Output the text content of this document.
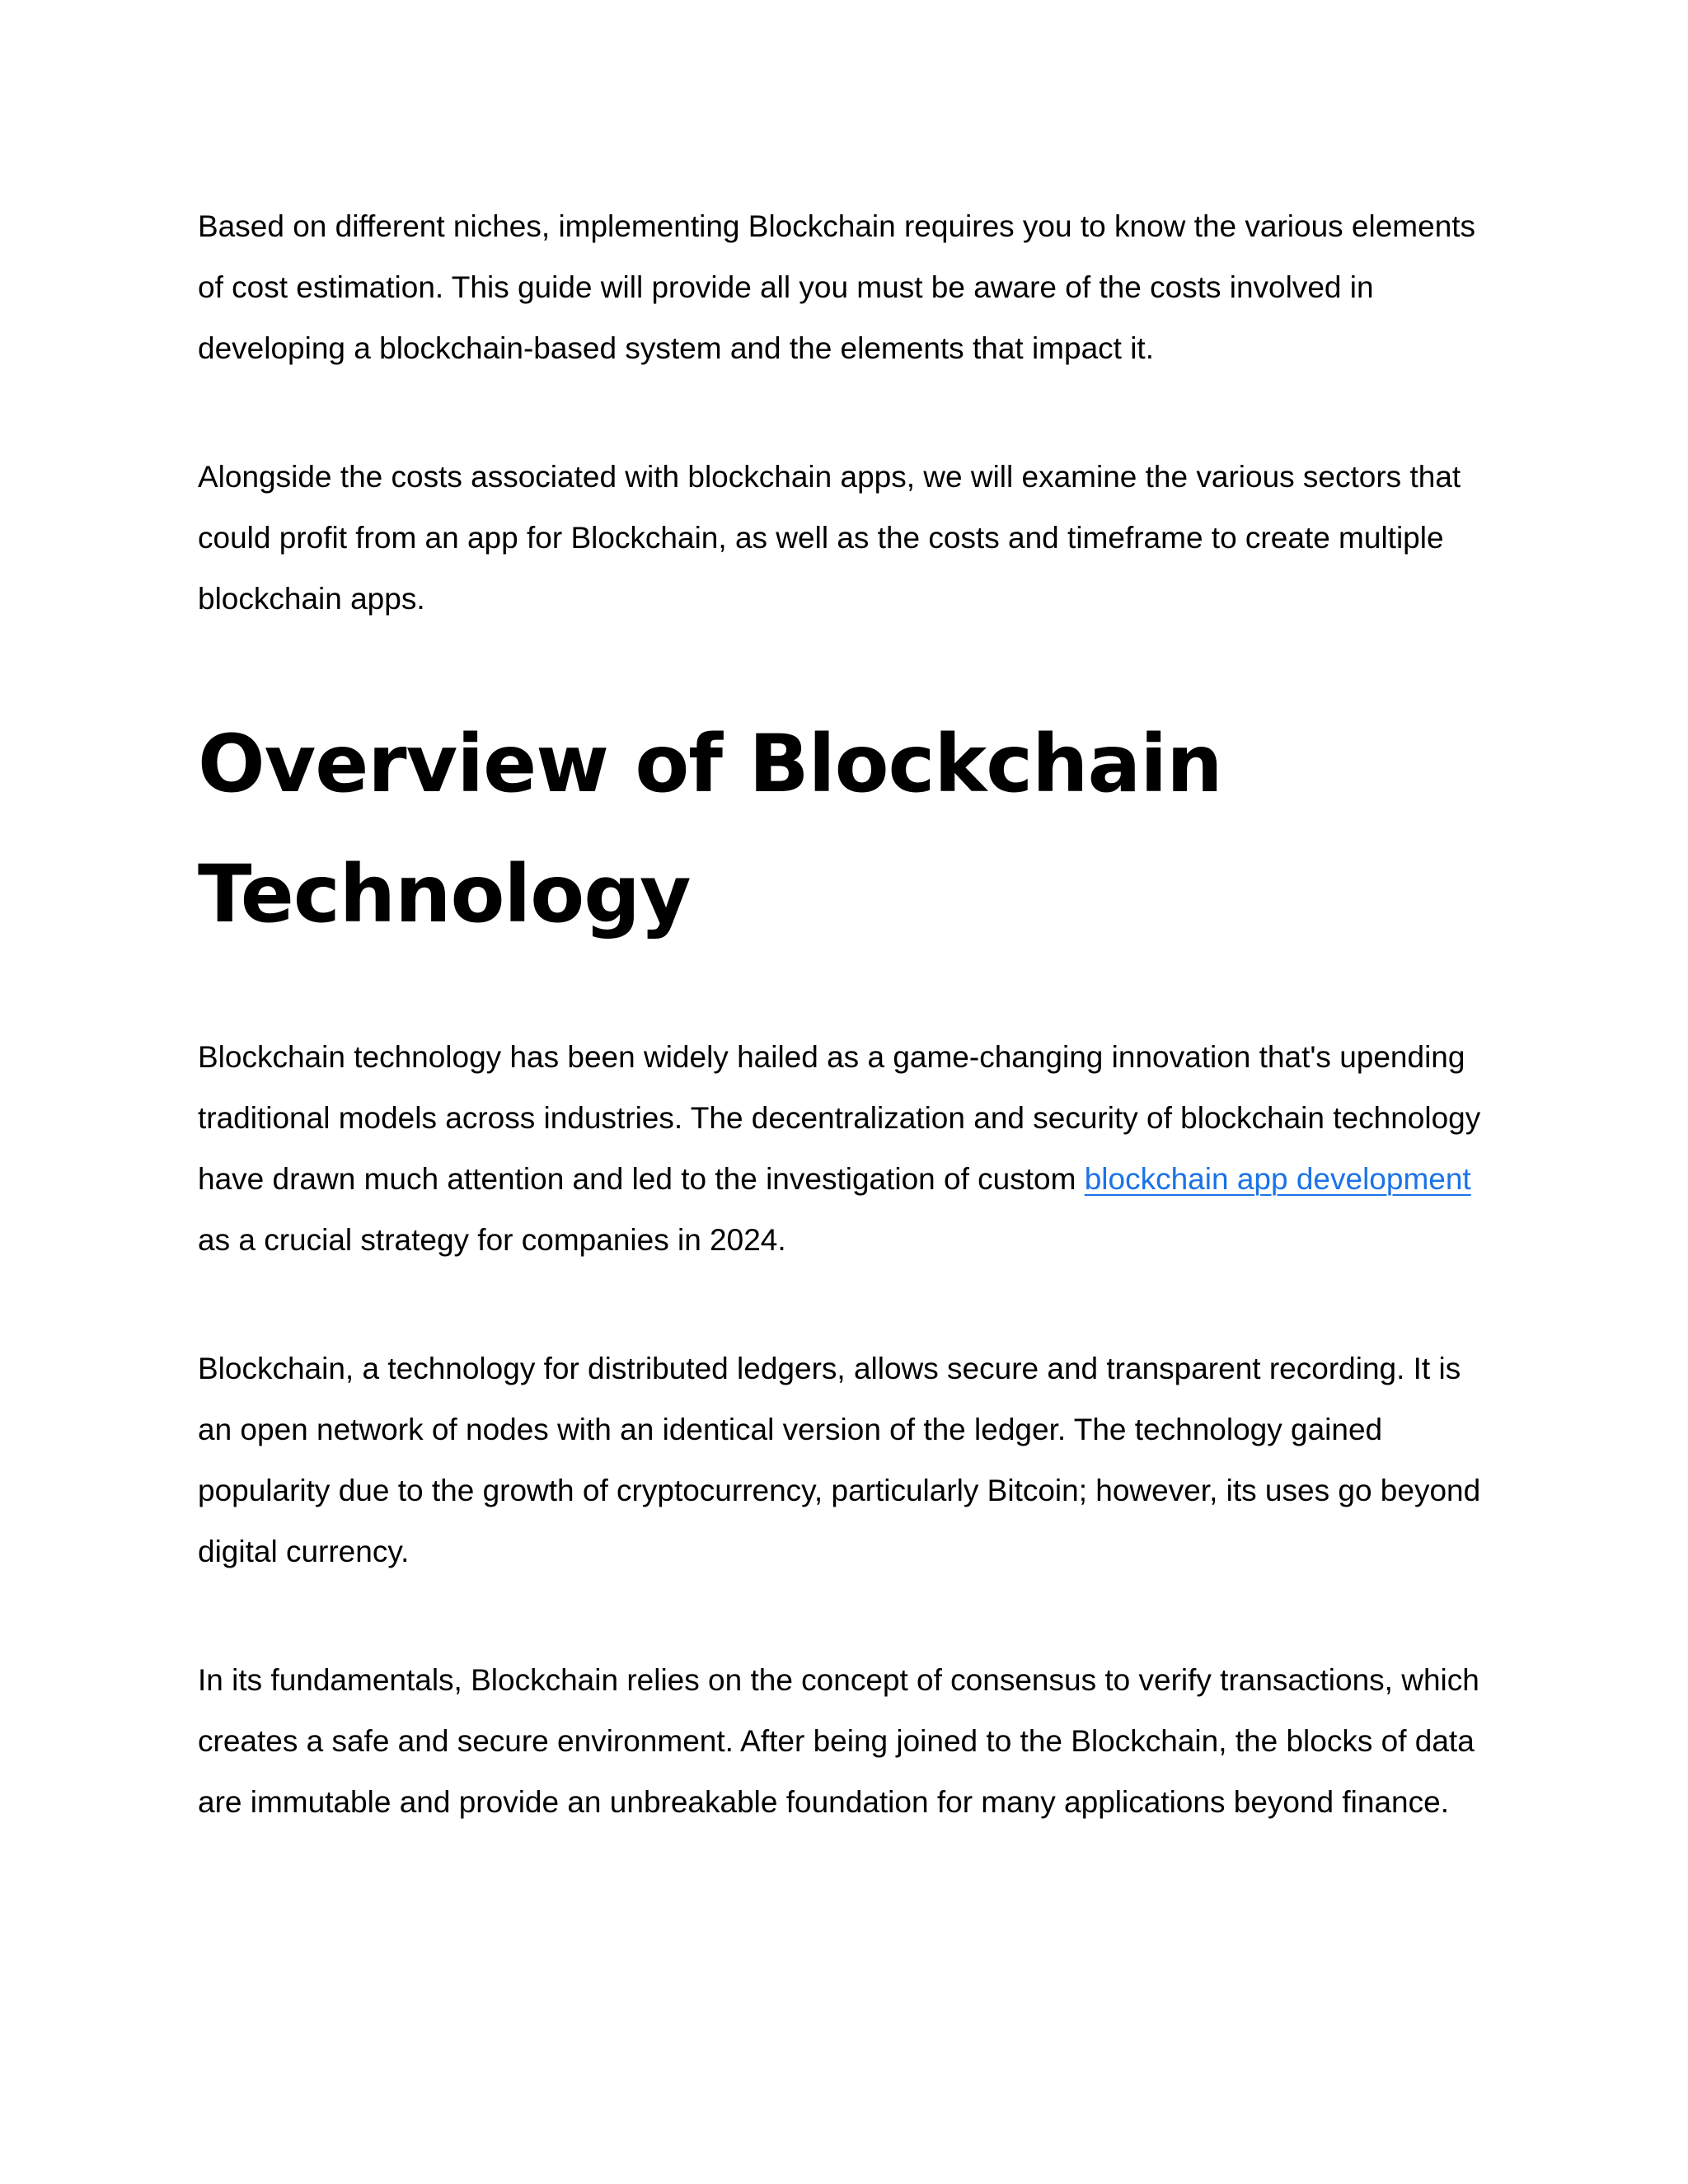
Based on different niches, implementing Blockchain requires you to know the various elements of cost estimation. This guide will provide all you must be aware of the costs involved in developing a blockchain-based system and the elements that impact it.

Alongside the costs associated with blockchain apps, we will examine the various sectors that could profit from an app for Blockchain, as well as the costs and timeframe to create multiple blockchain apps.

Overview of Blockchain Technology

Blockchain technology has been widely hailed as a game-changing innovation that's upending traditional models across industries. The decentralization and security of blockchain technology have drawn much attention and led to the investigation of custom blockchain app development as a crucial strategy for companies in 2024.

Blockchain, a technology for distributed ledgers, allows secure and transparent recording. It is an open network of nodes with an identical version of the ledger. The technology gained popularity due to the growth of cryptocurrency, particularly Bitcoin; however, its uses go beyond digital currency.

In its fundamentals, Blockchain relies on the concept of consensus to verify transactions, which creates a safe and secure environment. After being joined to the Blockchain, the blocks of data are immutable and provide an unbreakable foundation for many applications beyond finance.
